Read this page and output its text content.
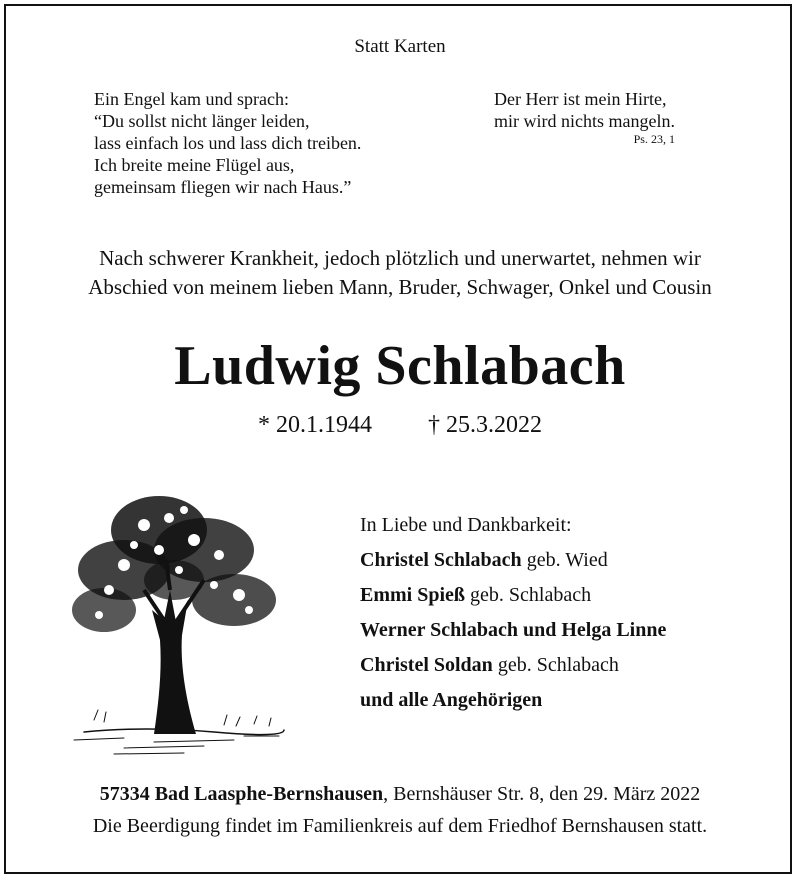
Statt Karten
Ein Engel kam und sprach:
“Du sollst nicht länger leiden,
lass einfach los und lass dich treiben.
Ich breite meine Flügel aus,
gemeinsam fliegen wir nach Haus.”
Der Herr ist mein Hirte,
mir wird nichts mangeln.
Ps. 23, 1
Nach schwerer Krankheit, jedoch plötzlich und unerwartet, nehmen wir
Abschied von meinem lieben Mann, Bruder, Schwager, Onkel und Cousin
Ludwig Schlabach
* 20.1.1944 † 25.3.2022
In Liebe und Dankbarkeit:
Christel Schlabach geb. Wied
Emmi Spieß geb. Schlabach
Werner Schlabach und Helga Linne
Christel Soldan geb. Schlabach
und alle Angehörigen
57334 Bad Laasphe-Bernshausen, Bernshäuser Str. 8, den 29. März 2022
Die Beerdigung findet im Familienkreis auf dem Friedhof Bernshausen statt.
